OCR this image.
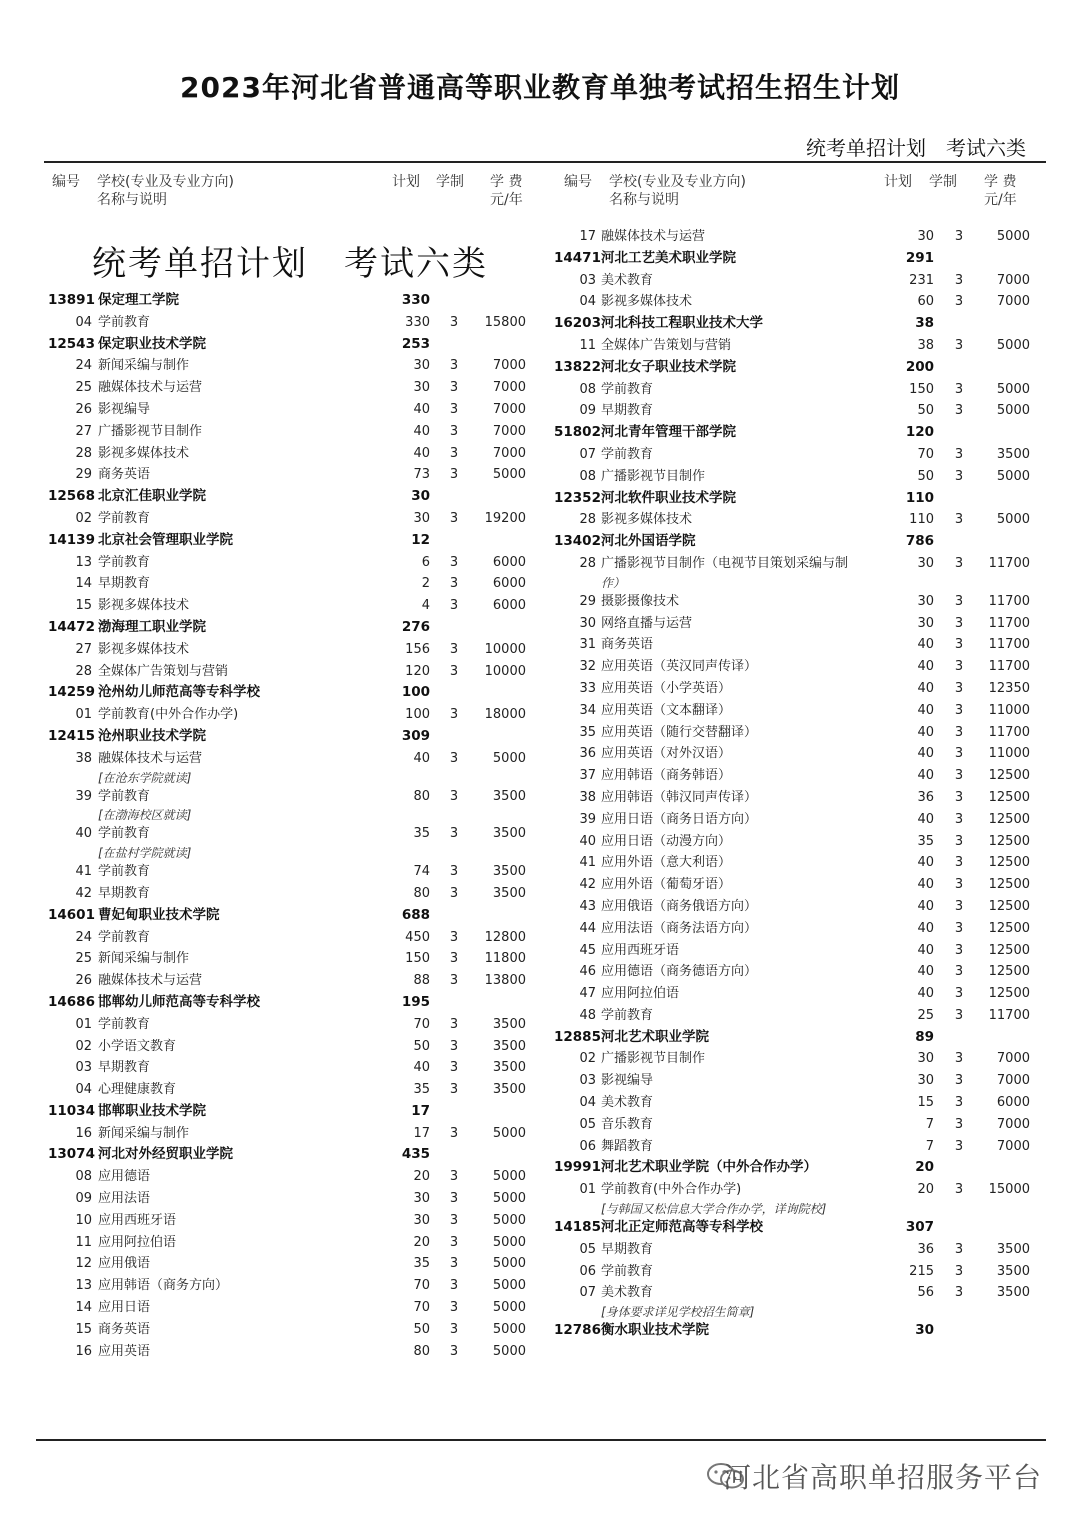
2023年河北省普通高等职业教育单独考试招生招生计划
统考单招计划　考试六类
编号 学校(专业及专业方向)
名称与说明
计划 学制 学 费
元/年
编号 学校(专业及专业方向)
名称与说明
计划 学制 学 费
元/年
统考单招计划　考试六类
13891 保定理工学院	330
04 学前教育	330	3	15800
12543 保定职业技术学院	253
24 新闻采编与制作	30	3	7000
25 融媒体技术与运营	30	3	7000
26 影视编导	40	3	7000
27 广播影视节目制作	40	3	7000
28 影视多媒体技术	40	3	7000
29 商务英语	73	3	5000
12568 北京汇佳职业学院	30
02 学前教育	30	3	19200
14139 北京社会管理职业学院	12
13 学前教育	6	3	6000
14 早期教育	2	3	6000
15 影视多媒体技术	4	3	6000
14472 渤海理工职业学院	276
27 影视多媒体技术	156	3	10000
28 全媒体广告策划与营销	120	3	10000
14259 沧州幼儿师范高等专科学校	100
01 学前教育(中外合作办学)	100	3	18000
12415 沧州职业技术学院	309
38 融媒体技术与运营	40	3	5000
[在沧东学院就读]
39 学前教育	80	3	3500
[在渤海校区就读]
40 学前教育	35	3	3500
[在盐村学院就读]
41 学前教育	74	3	3500
42 早期教育	80	3	3500
14601 曹妃甸职业技术学院	688
24 学前教育	450	3	12800
25 新闻采编与制作	150	3	11800
26 融媒体技术与运营	88	3	13800
14686 邯郸幼儿师范高等专科学校	195
01 学前教育	70	3	3500
02 小学语文教育	50	3	3500
03 早期教育	40	3	3500
04 心理健康教育	35	3	3500
11034 邯郸职业技术学院	17
16 新闻采编与制作	17	3	5000
13074 河北对外经贸职业学院	435
08 应用德语	20	3	5000
09 应用法语	30	3	5000
10 应用西班牙语	30	3	5000
11 应用阿拉伯语	20	3	5000
12 应用俄语	35	3	5000
13 应用韩语（商务方向）	70	3	5000
14 应用日语	70	3	5000
15 商务英语	50	3	5000
16 应用英语	80	3	5000
17 融媒体技术与运营	30	3	5000
14471 河北工艺美术职业学院	291
03 美术教育	231	3	7000
04 影视多媒体技术	60	3	7000
16203 河北科技工程职业技术大学	38
11 全媒体广告策划与营销	38	3	5000
13822 河北女子职业技术学院	200
08 学前教育	150	3	5000
09 早期教育	50	3	5000
51802 河北青年管理干部学院	120
07 学前教育	70	3	3500
08 广播影视节目制作	50	3	5000
12352 河北软件职业技术学院	110
28 影视多媒体技术	110	3	5000
13402 河北外国语学院	786
28 广播影视节目制作（电视节目策划采编与制	30	3	11700
作）
29 摄影摄像技术	30	3	11700
30 网络直播与运营	30	3	11700
31 商务英语	40	3	11700
32 应用英语（英汉同声传译）	40	3	11700
33 应用英语（小学英语）	40	3	12350
34 应用英语（文本翻译）	40	3	11000
35 应用英语（随行交替翻译）	40	3	11700
36 应用英语（对外汉语）	40	3	11000
37 应用韩语（商务韩语）	40	3	12500
38 应用韩语（韩汉同声传译）	36	3	12500
39 应用日语（商务日语方向）	40	3	12500
40 应用日语（动漫方向）	35	3	12500
41 应用外语（意大利语）	40	3	12500
42 应用外语（葡萄牙语）	40	3	12500
43 应用俄语（商务俄语方向）	40	3	12500
44 应用法语（商务法语方向）	40	3	12500
45 应用西班牙语	40	3	12500
46 应用德语（商务德语方向）	40	3	12500
47 应用阿拉伯语	40	3	12500
48 学前教育	25	3	11700
12885 河北艺术职业学院	89
02 广播影视节目制作	30	3	7000
03 影视编导	30	3	7000
04 美术教育	15	3	6000
05 音乐教育	7	3	7000
06 舞蹈教育	7	3	7000
19991 河北艺术职业学院（中外合作办学）	20
01 学前教育(中外合作办学)	20	3	15000
[与韩国又松信息大学合作办学，详询院校]
14185 河北正定师范高等专科学校	307
05 早期教育	36	3	3500
06 学前教育	215	3	3500
07 美术教育	56	3	3500
[身体要求详见学校招生简章]
12786 衡水职业技术学院	30
河北省高职单招服务平台
